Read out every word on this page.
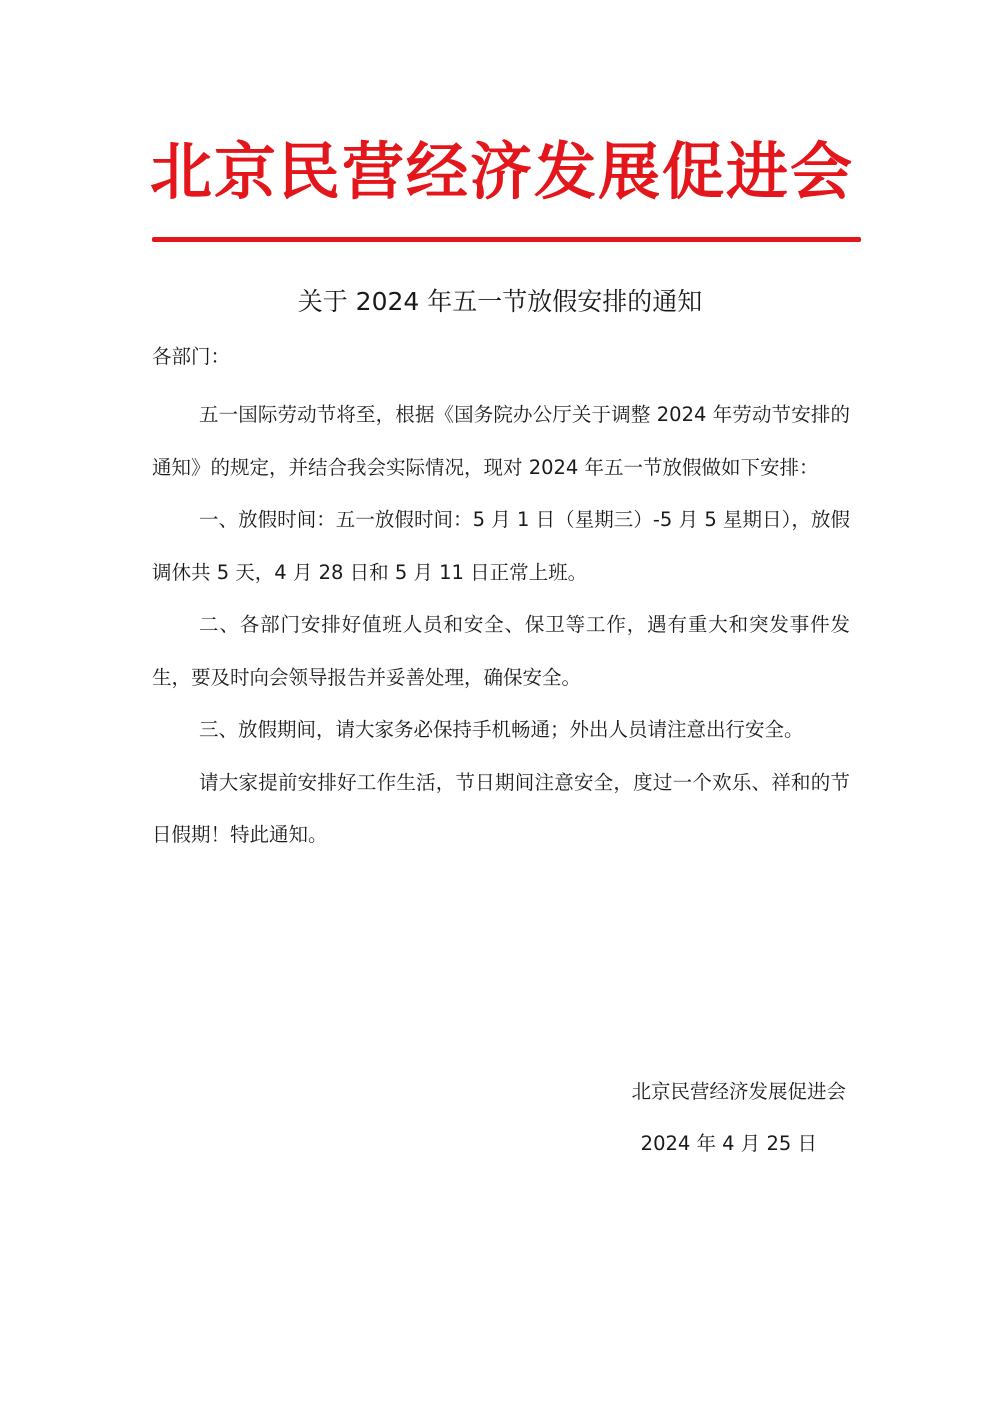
北京民营经济发展促进会
关于 2024 年五一节放假安排的通知
各部门：

五一国际劳动节将至，根据《国务院办公厅关于调整 2024 年劳动节安排的通知》的规定，并结合我会实际情况，现对 2024 年五一节放假做如下安排：

一、放假时间：五一放假时间：5 月 1 日（星期三）-5 月 5 星期日），放假调休共 5 天，4 月 28 日和 5 月 11 日正常上班。

二、各部门安排好值班人员和安全、保卫等工作，遇有重大和突发事件发生，要及时向会领导报告并妥善处理，确保安全。

三、放假期间，请大家务必保持手机畅通；外出人员请注意出行安全。

请大家提前安排好工作生活，节日期间注意安全，度过一个欢乐、祥和的节日假期！特此通知。

北京民营经济发展促进会
2024 年 4 月 25 日
